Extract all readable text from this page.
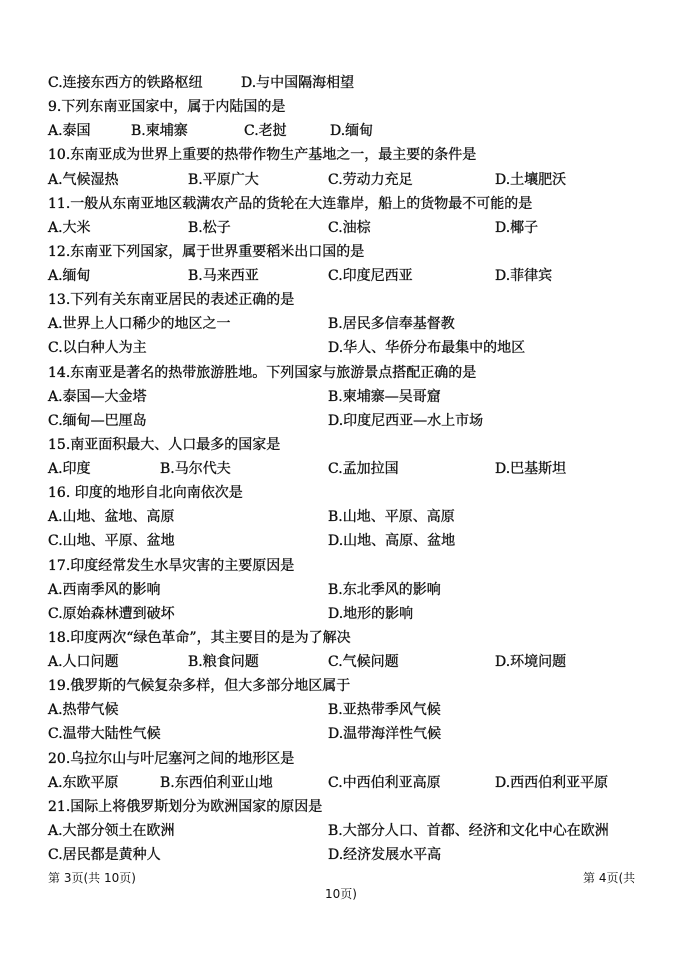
C.连接东西方的铁路枢纽	D.与中国隔海相望
9.下列东南亚国家中，属于内陆国的是
A.泰国	B.柬埔寨	C.老挝	D.缅甸
10.东南亚成为世界上重要的热带作物生产基地之一，最主要的条件是
A.气候湿热	B.平原广大	C.劳动力充足	D.土壤肥沃
11.一般从东南亚地区载满农产品的货轮在大连靠岸，船上的货物最不可能的是
A.大米	B.松子	C.油棕	D.椰子
12.东南亚下列国家，属于世界重要稻米出口国的是
A.缅甸	B.马来西亚	C.印度尼西亚	D.菲律宾
13.下列有关东南亚居民的表述正确的是
A.世界上人口稀少的地区之一	B.居民多信奉基督教
C.以白种人为主	D.华人、华侨分布最集中的地区
14.东南亚是著名的热带旅游胜地。下列国家与旅游景点搭配正确的是
A.泰国—大金塔	B.柬埔寨—吴哥窟
C.缅甸—巴厘岛	D.印度尼西亚—水上市场
15.南亚面积最大、人口最多的国家是
A.印度	B.马尔代夫	C.孟加拉国	D.巴基斯坦
16. 印度的地形自北向南依次是
A.山地、盆地、高原	B.山地、平原、高原
C.山地、平原、盆地	D.山地、高原、盆地
17.印度经常发生水旱灾害的主要原因是
A.西南季风的影响	B.东北季风的影响
C.原始森林遭到破坏	D.地形的影响
18.印度两次“绿色革命”，其主要目的是为了解决
A.人口问题	B.粮食问题	C.气候问题	D.环境问题
19.俄罗斯的气候复杂多样，但大多部分地区属于
A.热带气候	B.亚热带季风气候
C.温带大陆性气候	D.温带海洋性气候
20.乌拉尔山与叶尼塞河之间的地形区是
A.东欧平原	B.东西伯利亚山地	C.中西伯利亚高原	D.西西伯利亚平原
21.国际上将俄罗斯划分为欧洲国家的原因是
A.大部分领土在欧洲	B.大部分人口、首都、经济和文化中心在欧洲
C.居民都是黄种人	D.经济发展水平高
第 3页(共 10页)	第 4页(共
10页)
